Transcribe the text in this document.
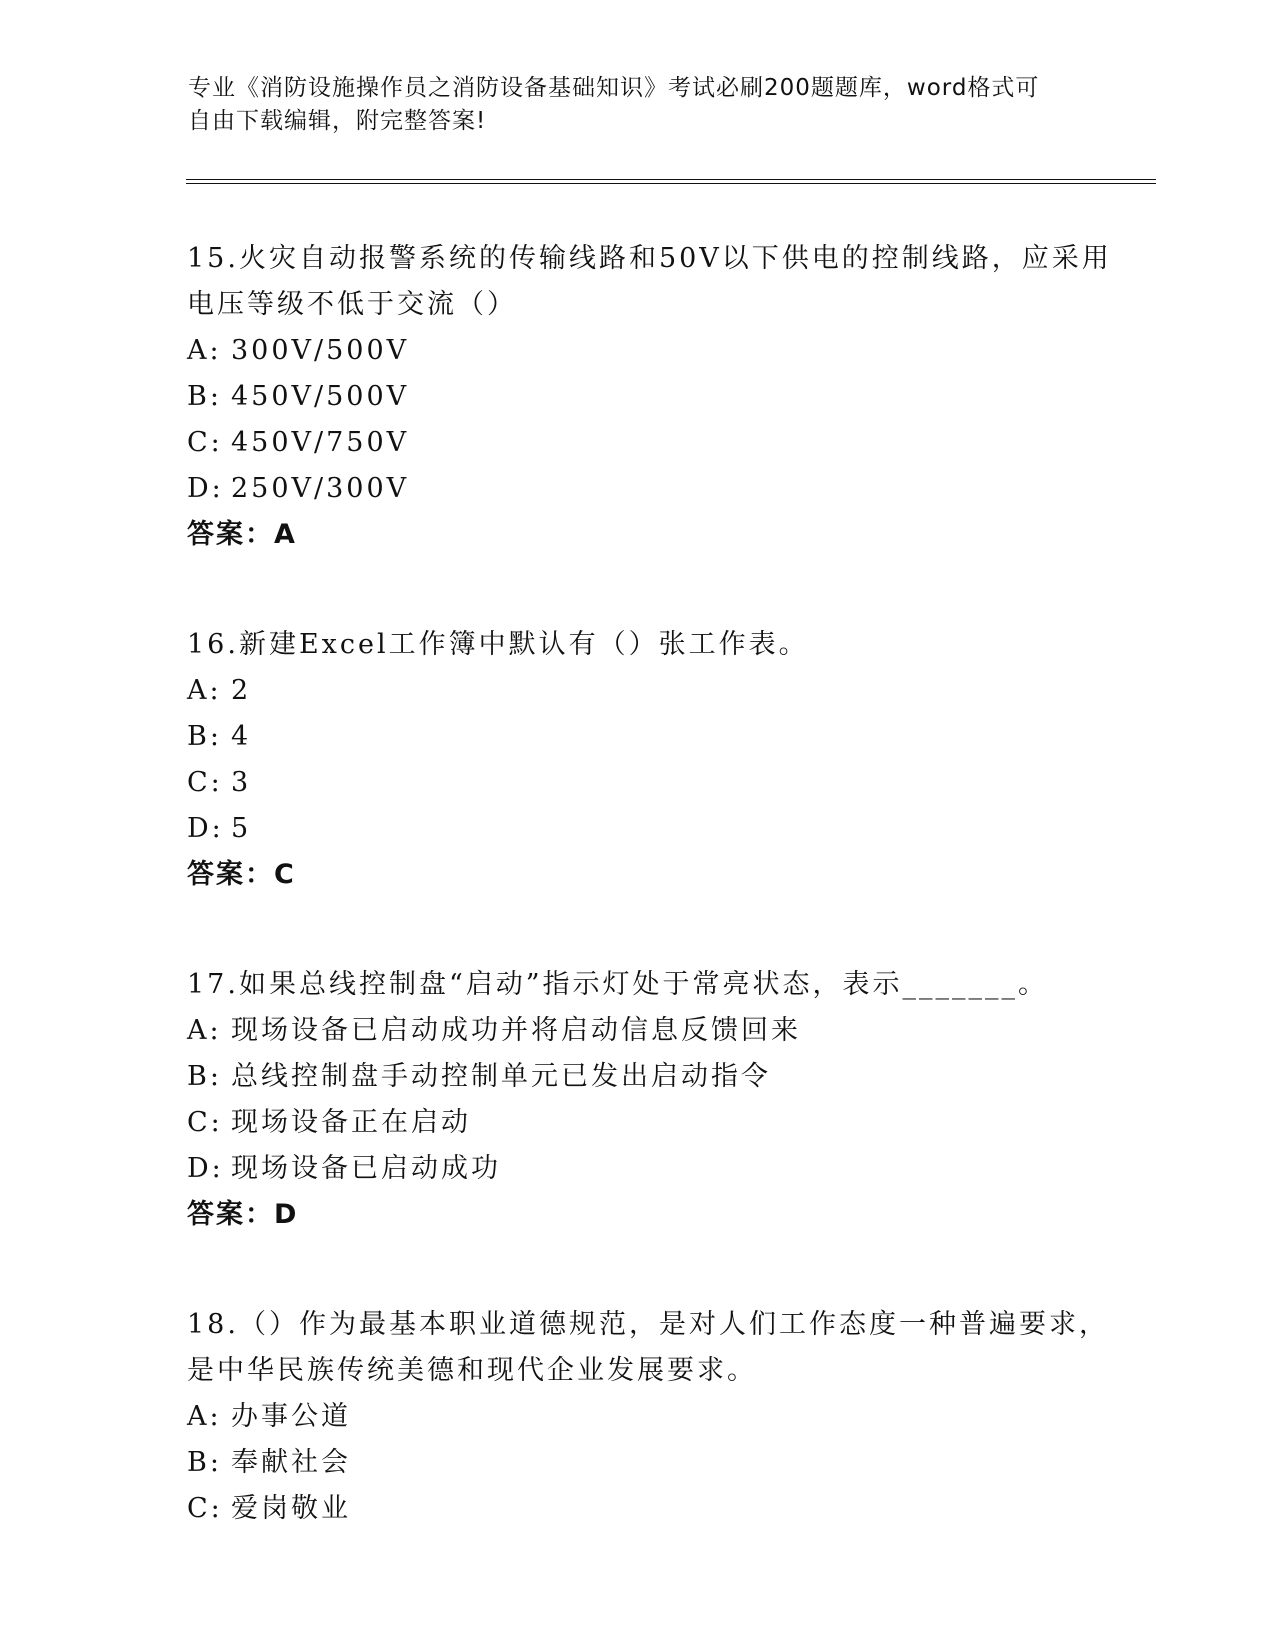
专业《消防设施操作员之消防设备基础知识》考试必刷200题题库，word格式可

自由下载编辑，附完整答案!

15.火灾自动报警系统的传输线路和50V以下供电的控制线路，应采用

电压等级不低于交流（）

A: 300V/500V

B: 450V/500V

C: 450V/750V

D: 250V/300V

答案：A

16.新建Excel工作簿中默认有（）张工作表。

A: 2

B: 4

C: 3

D: 5

答案：C

17.如果总线控制盘“启动”指示灯处于常亮状态，表示_______。

A: 现场设备已启动成功并将启动信息反馈回来

B: 总线控制盘手动控制单元已发出启动指令

C: 现场设备正在启动

D: 现场设备已启动成功

答案：D

18.（）作为最基本职业道德规范，是对人们工作态度一种普遍要求，

是中华民族传统美德和现代企业发展要求。

A: 办事公道

B: 奉献社会

C: 爱岗敬业
